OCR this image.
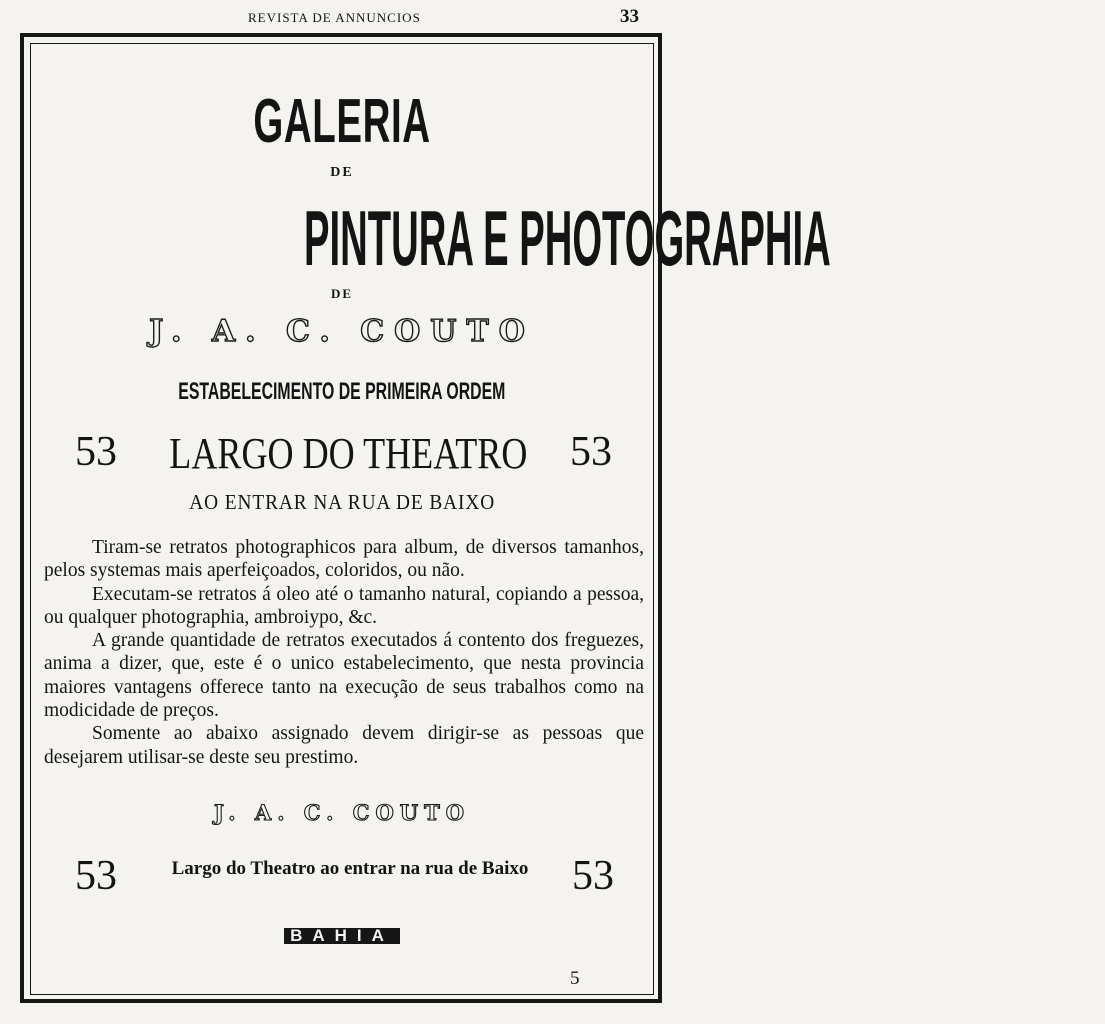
REVISTA DE ANNUNCIOS	33
GALERIA
DE
PINTURA E PHOTOGRAPHIA
DE
J. A. C. COUTO
ESTABELECIMENTO DE PRIMEIRA ORDEM
53	LARGO DO THEATRO	53
AO ENTRAR NA RUA DE BAIXO

Tiram-se retratos photographicos para album, de diversos tamanhos, pelos systemas mais aperfeiçoados, coloridos, ou não.

Executam-se retratos á oleo até o tamanho natural, copiando a pessoa, ou qualquer photographia, ambroiypo, &c.

A grande quantidade de retratos executados á contento dos freguezes, anima a dizer, que, este é o unico estabelecimento, que nesta provincia maiores vantagens offerece tanto na execução de seus trabalhos como na modicidade de preços.

Somente ao abaixo assignado devem dirigir-se as pessoas que desejarem utilisar-se deste seu prestimo.

J. A. C. COUTO
53	Largo do Theatro ao entrar na rua de Baixo	53
BAHIA
5
